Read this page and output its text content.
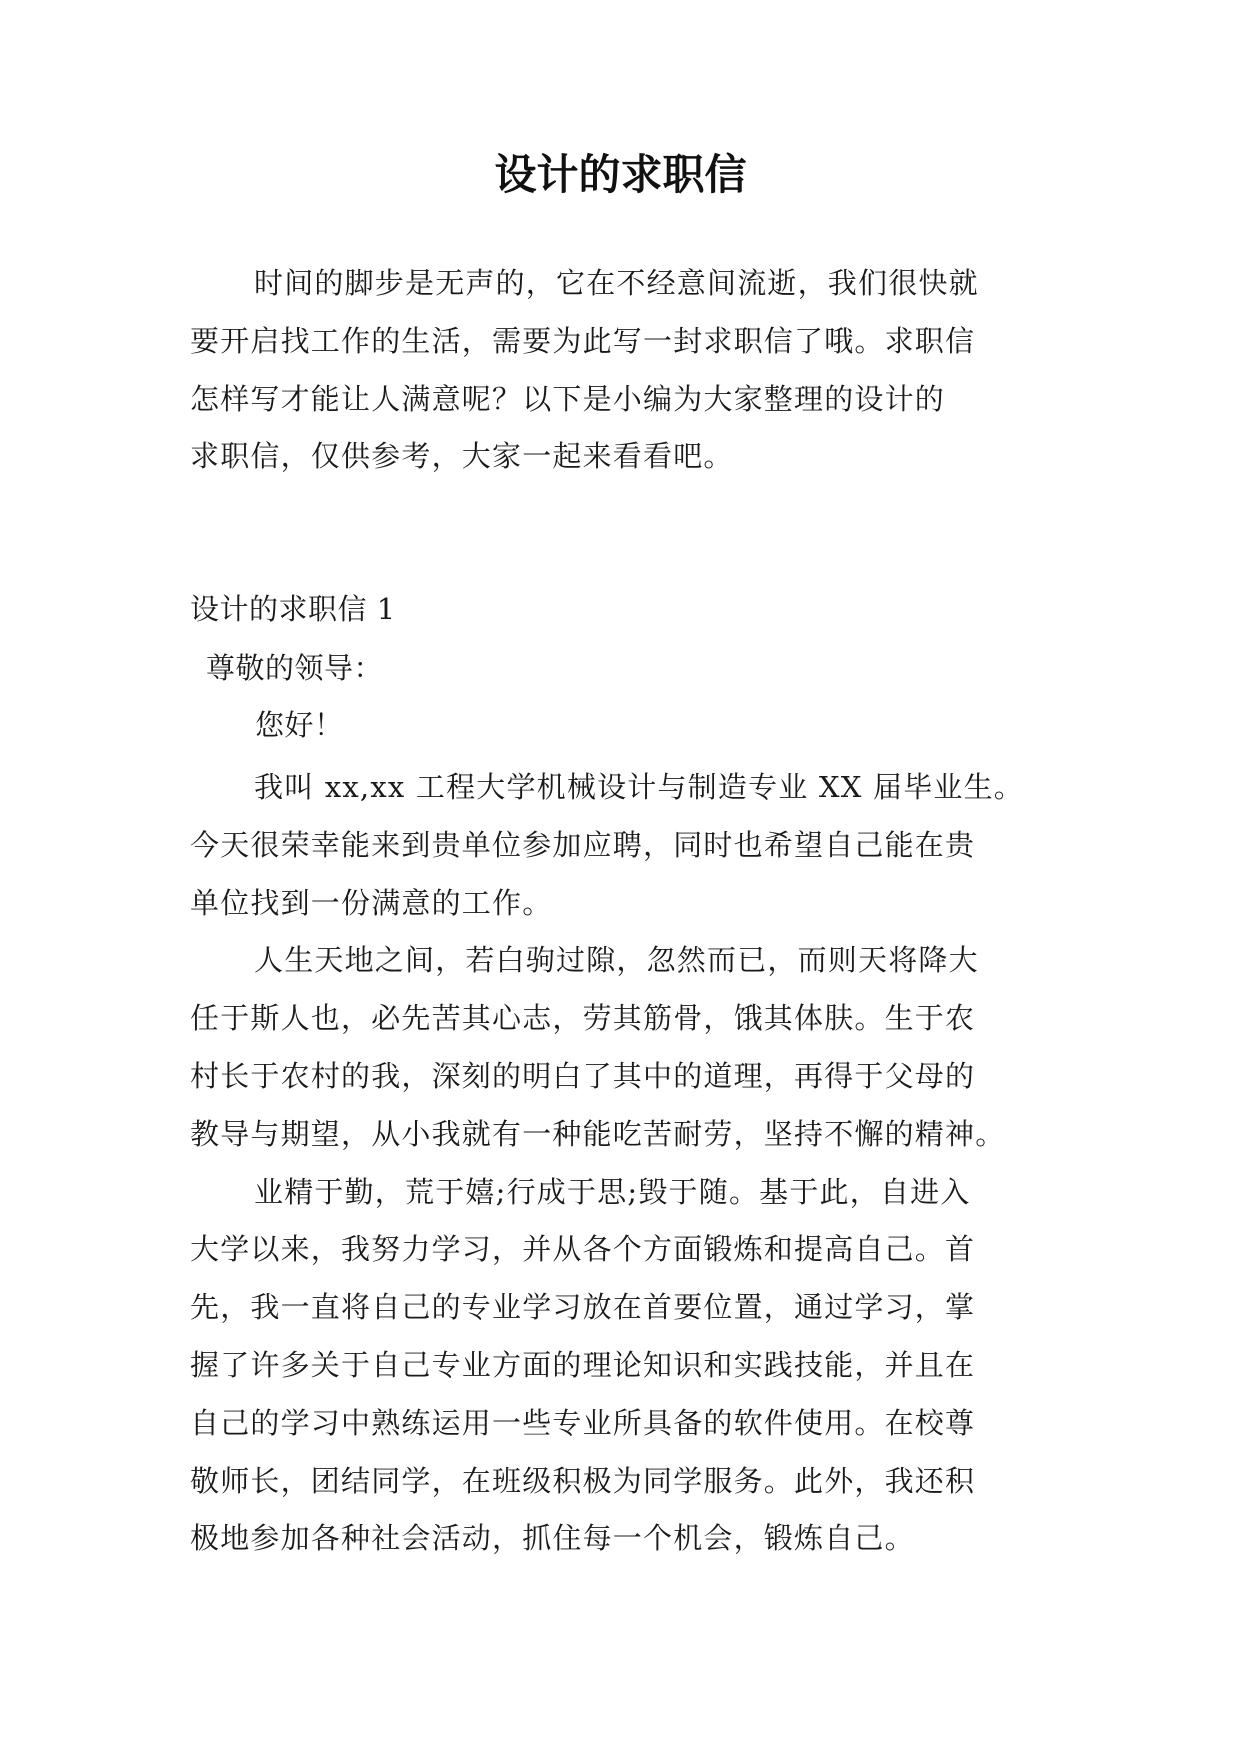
设计的求职信
时间的脚步是无声的，它在不经意间流逝，我们很快就
要开启找工作的生活，需要为此写一封求职信了哦。求职信
怎样写才能让人满意呢？以下是小编为大家整理的设计的
求职信，仅供参考，大家一起来看看吧。
设计的求职信 1
尊敬的领导：
您好！
我叫 xx,xx 工程大学机械设计与制造专业 XX 届毕业生。
今天很荣幸能来到贵单位参加应聘，同时也希望自己能在贵
单位找到一份满意的工作。
人生天地之间，若白驹过隙，忽然而已，而则天将降大
任于斯人也，必先苦其心志，劳其筋骨，饿其体肤。生于农
村长于农村的我，深刻的明白了其中的道理，再得于父母的
教导与期望，从小我就有一种能吃苦耐劳，坚持不懈的精神。
业精于勤，荒于嬉;行成于思;毁于随。基于此，自进入
大学以来，我努力学习，并从各个方面锻炼和提高自己。首
先，我一直将自己的专业学习放在首要位置，通过学习，掌
握了许多关于自己专业方面的理论知识和实践技能，并且在
自己的学习中熟练运用一些专业所具备的软件使用。在校尊
敬师长，团结同学，在班级积极为同学服务。此外，我还积
极地参加各种社会活动，抓住每一个机会，锻炼自己。
